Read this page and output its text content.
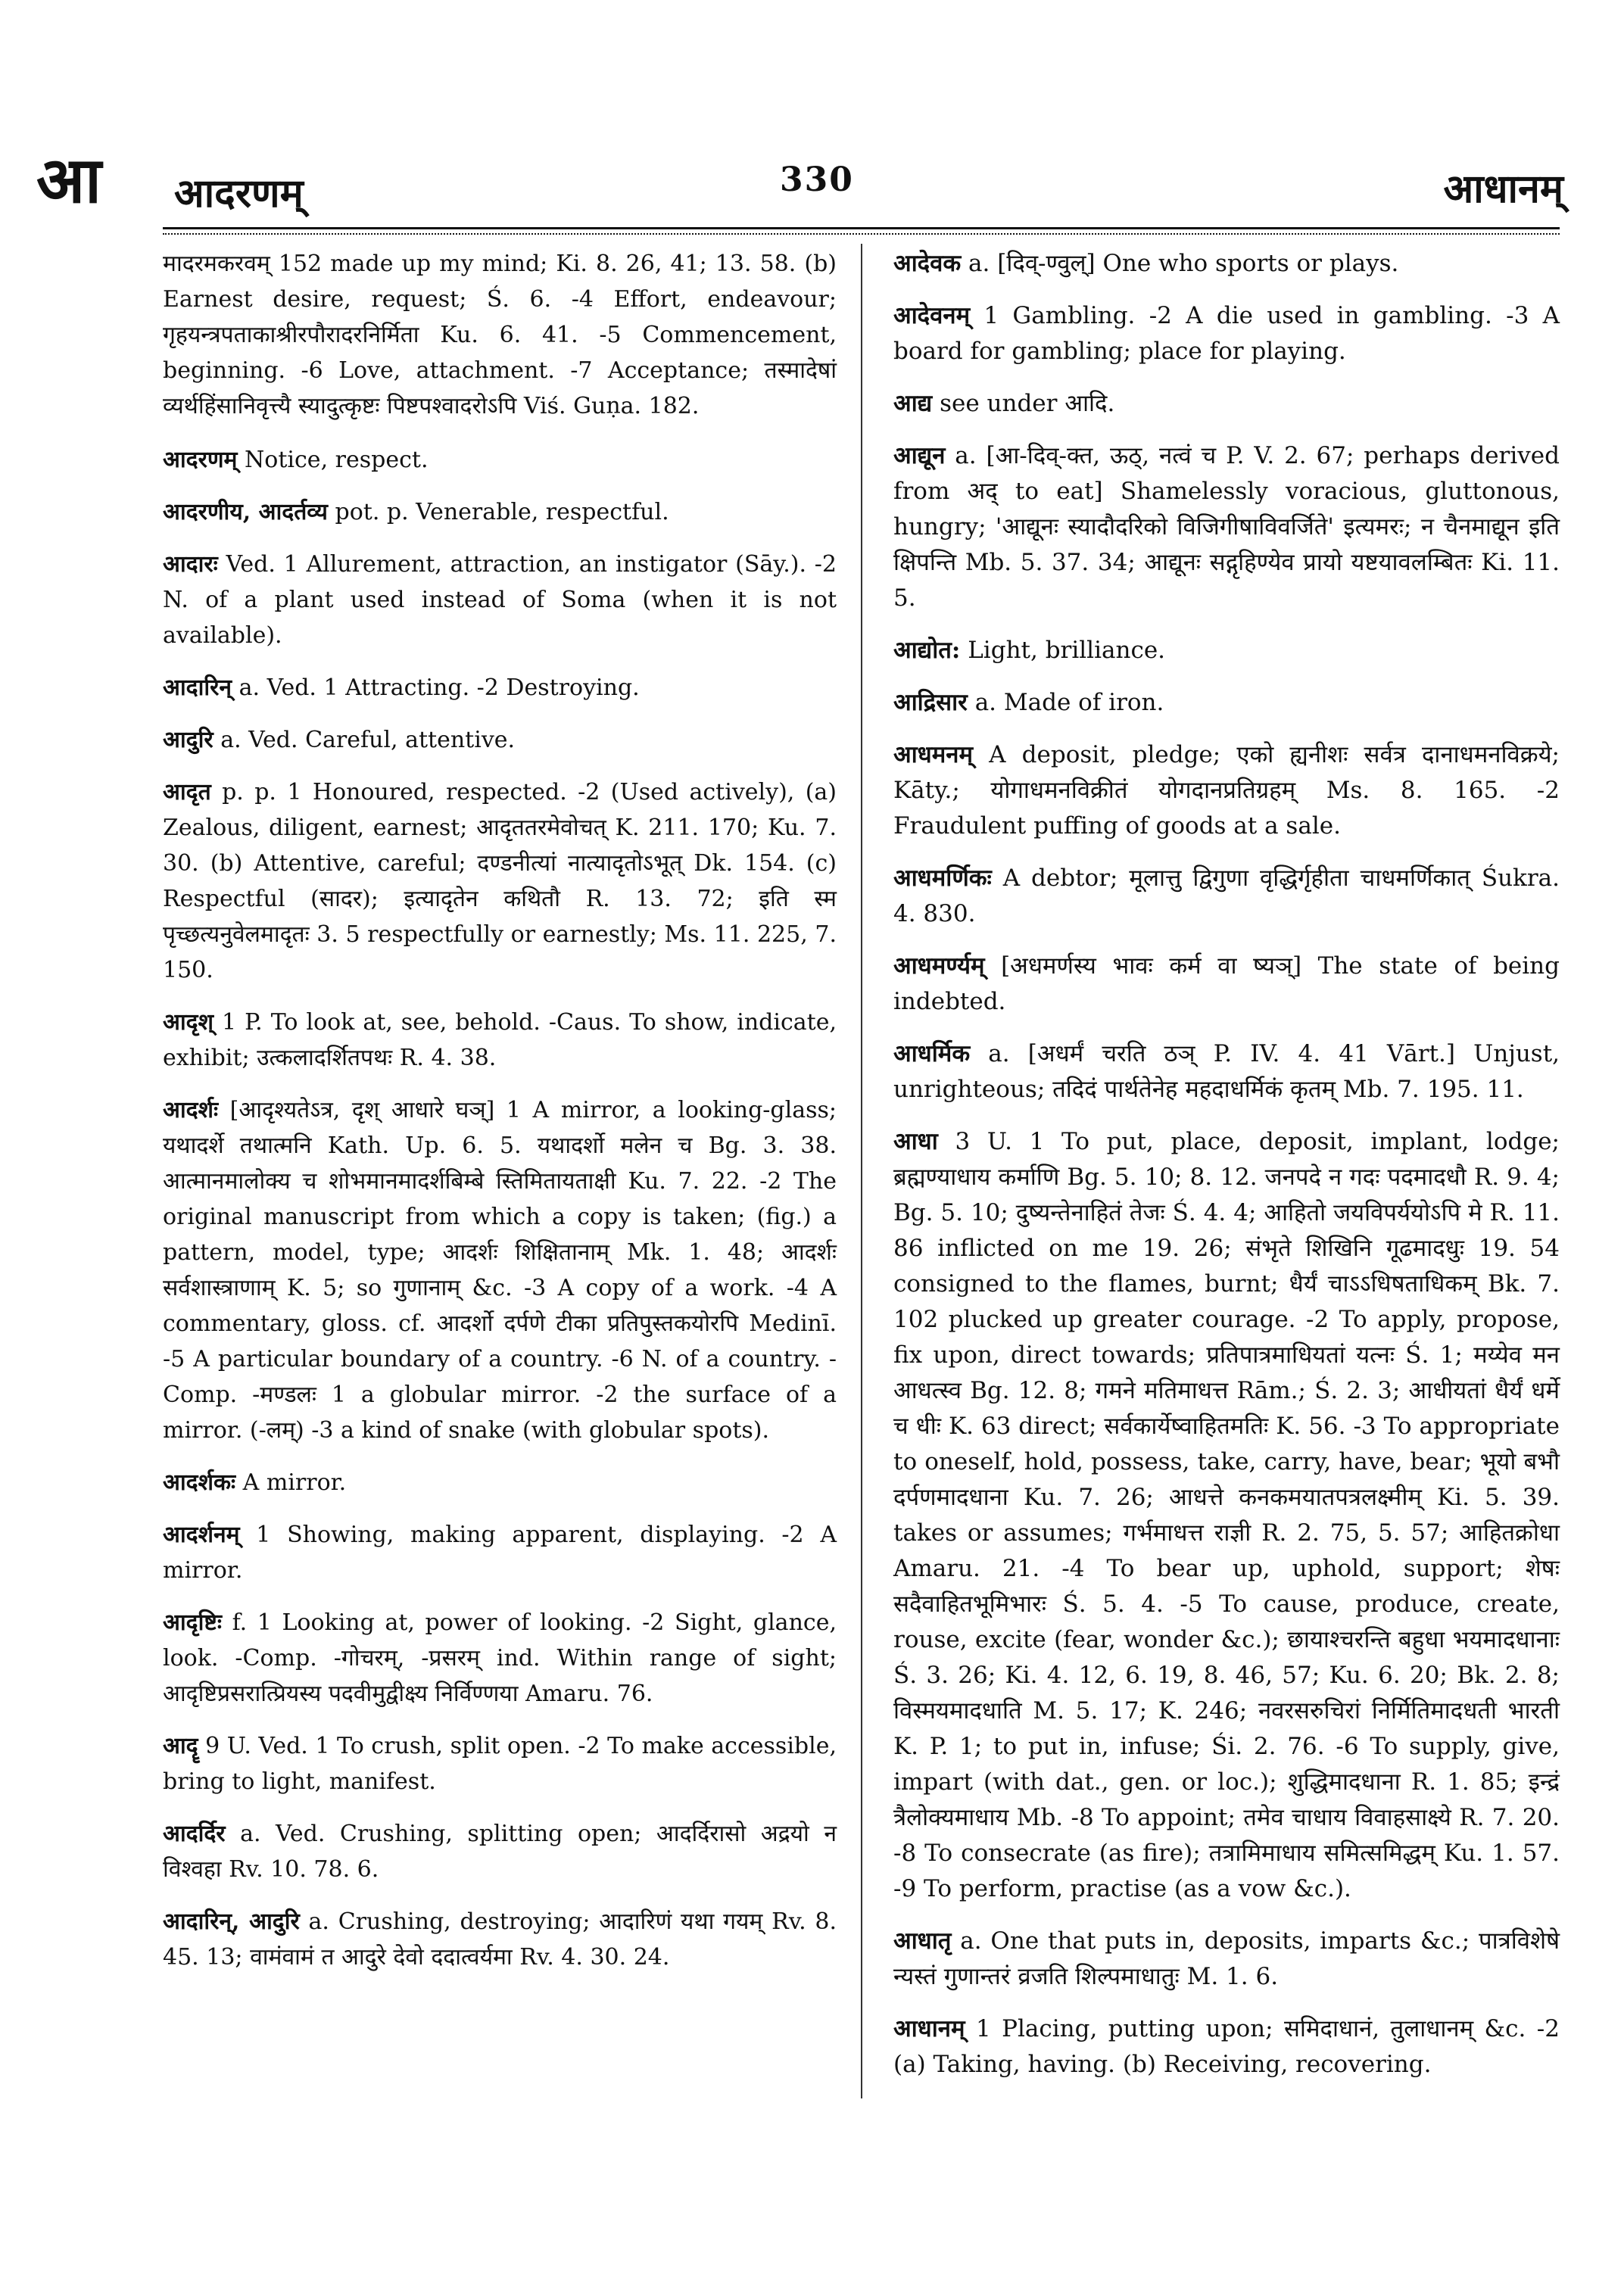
आ आदरणम्	330	आधानम्

मादरमकरवम् 152 made up my mind; Ki. 8. 26, 41; 13. 58. (b) Earnest desire, request; Ś. 6. -4 Effort, endeavour; गृहयन्त्रपताकाश्रीरपौरादरनिर्मिता Ku. 6. 41. -5 Commencement, beginning. -6 Love, attachment. -7 Acceptance; तस्मादेषां व्यर्थहिंसानिवृत्त्यै स्यादुत्कृष्टः पिष्टपश्वादरोऽपि Viś. Guṇa. 182.

आदरणम् Notice, respect.

आदरणीय, आदर्तव्य pot. p. Venerable, respectful.

आदारः Ved. 1 Allurement, attraction, an instigator (Sāy.). -2 N. of a plant used instead of Soma (when it is not available).

आदारिन् a. Ved. 1 Attracting. -2 Destroying.

आदुरि a. Ved. Careful, attentive.

आदृत p. p. 1 Honoured, respected. -2 (Used actively), (a) Zealous, diligent, earnest; आदृततरमेवोचत् K. 211. 170; Ku. 7. 30. (b) Attentive, careful; दण्डनीत्यां नात्यादृतोऽभूत् Dk. 154. (c) Respectful (सादर); इत्यादृतेन कथितौ R. 13. 72; इति स्म पृच्छत्यनुवेलमादृतः 3. 5 respectfully or earnestly; Ms. 11. 225, 7. 150.

आदृश् 1 P. To look at, see, behold. -Caus. To show, indicate, exhibit; उत्कलादर्शितपथः R. 4. 38.

आदर्शः [आदृश्यतेऽत्र, दृश् आधारे घञ्] 1 A mirror, a looking-glass; यथादर्शे तथात्मनि Kath. Up. 6. 5. यथादर्शो मलेन च Bg. 3. 38. आत्मानमालोक्य च शोभमानमादर्शबिम्बे स्तिमितायताक्षी Ku. 7. 22. -2 The original manuscript from which a copy is taken; (fig.) a pattern, model, type; आदर्शः शिक्षितानाम् Mk. 1. 48; आदर्शः सर्वशास्त्राणाम् K. 5; so गुणानाम् &c. -3 A copy of a work. -4 A commentary, gloss. cf. आदर्शो दर्पणे टीका प्रतिपुस्तकयोरपि Medinī. -5 A particular boundary of a country. -6 N. of a country. -Comp. -मण्डलः 1 a globular mirror. -2 the surface of a mirror. (-लम्) -3 a kind of snake (with globular spots).

आदर्शकः A mirror.

आदर्शनम् 1 Showing, making apparent, displaying. -2 A mirror.

आदृष्टिः f. 1 Looking at, power of looking. -2 Sight, glance, look. -Comp. -गोचरम्, -प्रसरम् ind. Within range of sight; आदृष्टिप्रसरात्प्रियस्य पदवीमुद्वीक्ष्य निर्विण्णया Amaru. 76.

आदॄ 9 U. Ved. 1 To crush, split open. -2 To make accessible, bring to light, manifest.

आदर्दिर a. Ved. Crushing, splitting open; आदर्दिरासो अद्रयो न विश्वहा Rv. 10. 78. 6.

आदारिन्, आदुरि a. Crushing, destroying; आदारिणं यथा गयम् Rv. 8. 45. 13; वामंवामं त आदुरे देवो ददात्वर्यमा Rv. 4. 30. 24.

आदेवक a. [दिव्-ण्वुल्] One who sports or plays.

आदेवनम् 1 Gambling. -2 A die used in gambling. -3 A board for gambling; place for playing.

आद्य see under आदि.

आद्यून a. [आ-दिव्-क्त, ऊठ्, नत्वं च P. V. 2. 67; perhaps derived from अद् to eat] Shamelessly voracious, gluttonous, hungry; 'आद्यूनः स्यादौदरिको विजिगीषाविवर्जिते' इत्यमरः; न चैनमाद्यून इति क्षिपन्ति Mb. 5. 37. 34; आद्यूनः सद्गृहिण्येव प्रायो यष्टयावलम्बितः Ki. 11. 5.

आद्योत: Light, brilliance.

आद्रिसार a. Made of iron.

आधमनम् A deposit, pledge; एको ह्यनीशः सर्वत्र दानाधमनविक्रये; Kāty.; योगाधमनविक्रीतं योगदानप्रतिग्रहम् Ms. 8. 165. -2 Fraudulent puffing of goods at a sale.

आधमर्णिकः A debtor; मूलात्तु द्विगुणा वृद्धिर्गृहीता चाधमर्णिकात् Śukra. 4. 830.

आधमर्ण्यम् [अधमर्णस्य भावः कर्म वा ष्यञ्] The state of being indebted.

आधर्मिक a. [अधर्मं चरति ठञ् P. IV. 4. 41 Vārt.] Unjust, unrighteous; तदिदं पार्थतेनेह महदाधर्मिकं कृतम् Mb. 7. 195. 11.

आधा 3 U. 1 To put, place, deposit, implant, lodge; ब्रह्मण्याधाय कर्माणि Bg. 5. 10; 8. 12. जनपदे न गदः पदमादधौ R. 9. 4; Bg. 5. 10; दुष्यन्तेनाहितं तेजः Ś. 4. 4; आहितो जयविपर्ययोऽपि मे R. 11. 86 inflicted on me 19. 26; संभृते शिखिनि गूढमादधुः 19. 54 consigned to the flames, burnt; धैर्यं चाऽऽधिषताधिकम् Bk. 7. 102 plucked up greater courage. -2 To apply, propose, fix upon, direct towards; प्रतिपात्रमाधियतां यत्नः Ś. 1; मय्येव मन आधत्स्व Bg. 12. 8; गमने मतिमाधत्त Rām.; Ś. 2. 3; आधीयतां धैर्यं धर्मे च धीः K. 63 direct; सर्वकार्येष्वाहितमतिः K. 56. -3 To appropriate to oneself, hold, possess, take, carry, have, bear; भूयो बभौ दर्पणमादधाना Ku. 7. 26; आधत्ते कनकमयातपत्रलक्ष्मीम् Ki. 5. 39. takes or assumes; गर्भमाधत्त राज्ञी R. 2. 75, 5. 57; आहितक्रोधा Amaru. 21. -4 To bear up, uphold, support; शेषः सदैवाहितभूमिभारः Ś. 5. 4. -5 To cause, produce, create, rouse, excite (fear, wonder &c.); छायाश्चरन्ति बहुधा भयमादधानाः Ś. 3. 26; Ki. 4. 12, 6. 19, 8. 46, 57; Ku. 6. 20; Bk. 2. 8; विस्मयमादधाति M. 5. 17; K. 246; नवरसरुचिरां निर्मितिमादधती भारती K. P. 1; to put in, infuse; Śi. 2. 76. -6 To supply, give, impart (with dat., gen. or loc.); शुद्धिमादधाना R. 1. 85; इन्द्रं त्रैलोक्यमाधाय Mb. -8 To appoint; तमेव चाधाय विवाहसाक्ष्ये R. 7. 20. -8 To consecrate (as fire); तत्रामिमाधाय समित्समिद्धम् Ku. 1. 57. -9 To perform, practise (as a vow &c.).

आधातृ a. One that puts in, deposits, imparts &c.; पात्रविशेषे न्यस्तं गुणान्तरं व्रजति शिल्पमाधातुः M. 1. 6.

आधानम् 1 Placing, putting upon; समिदाधानं, तुलाधानम् &c. -2 (a) Taking, having. (b) Receiving, recovering.
